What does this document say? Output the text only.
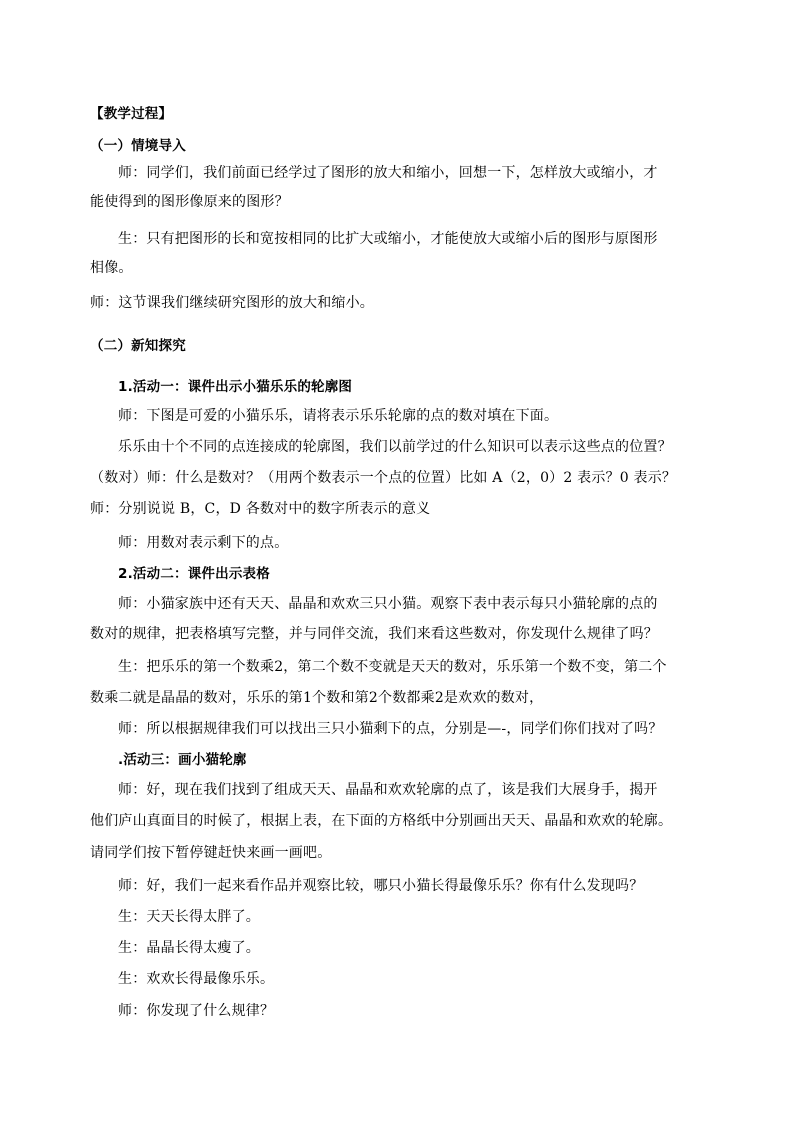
【教学过程】
（一）情境导入
师：同学们，我们前面已经学过了图形的放大和缩小，回想一下，怎样放大或缩小，才
能使得到的图形像原来的图形？
生：只有把图形的长和宽按相同的比扩大或缩小，才能使放大或缩小后的图形与原图形
相像。
师：这节课我们继续研究图形的放大和缩小。
（二）新知探究
1.活动一：课件出示小猫乐乐的轮廓图
师：下图是可爱的小猫乐乐，请将表示乐乐轮廓的点的数对填在下面。
乐乐由十个不同的点连接成的轮廓图，我们以前学过的什么知识可以表示这些点的位置？
（数对）师：什么是数对？（用两个数表示一个点的位置）比如 A（2，0）2 表示？0 表示？
师：分别说说 B，C，D 各数对中的数字所表示的意义
师：用数对表示剩下的点。
2.活动二：课件出示表格
师：小猫家族中还有天天、晶晶和欢欢三只小猫。观察下表中表示每只小猫轮廓的点的
数对的规律，把表格填写完整，并与同伴交流，我们来看这些数对，你发现什么规律了吗？
生：把乐乐的第一个数乘2，第二个数不变就是天天的数对，乐乐第一个数不变，第二个
数乘二就是晶晶的数对，乐乐的第1个数和第2个数都乘2是欢欢的数对，
师：所以根据规律我们可以找出三只小猫剩下的点，分别是—-，同学们你们找对了吗？
.活动三：画小猫轮廓
师：好，现在我们找到了组成天天、晶晶和欢欢轮廓的点了，该是我们大展身手，揭开
他们庐山真面目的时候了，根据上表，在下面的方格纸中分别画出天天、晶晶和欢欢的轮廓。
请同学们按下暂停键赶快来画一画吧。
师：好，我们一起来看作品并观察比较，哪只小猫长得最像乐乐？你有什么发现吗？
生：天天长得太胖了。
生：晶晶长得太瘦了。
生：欢欢长得最像乐乐。
师：你发现了什么规律？
